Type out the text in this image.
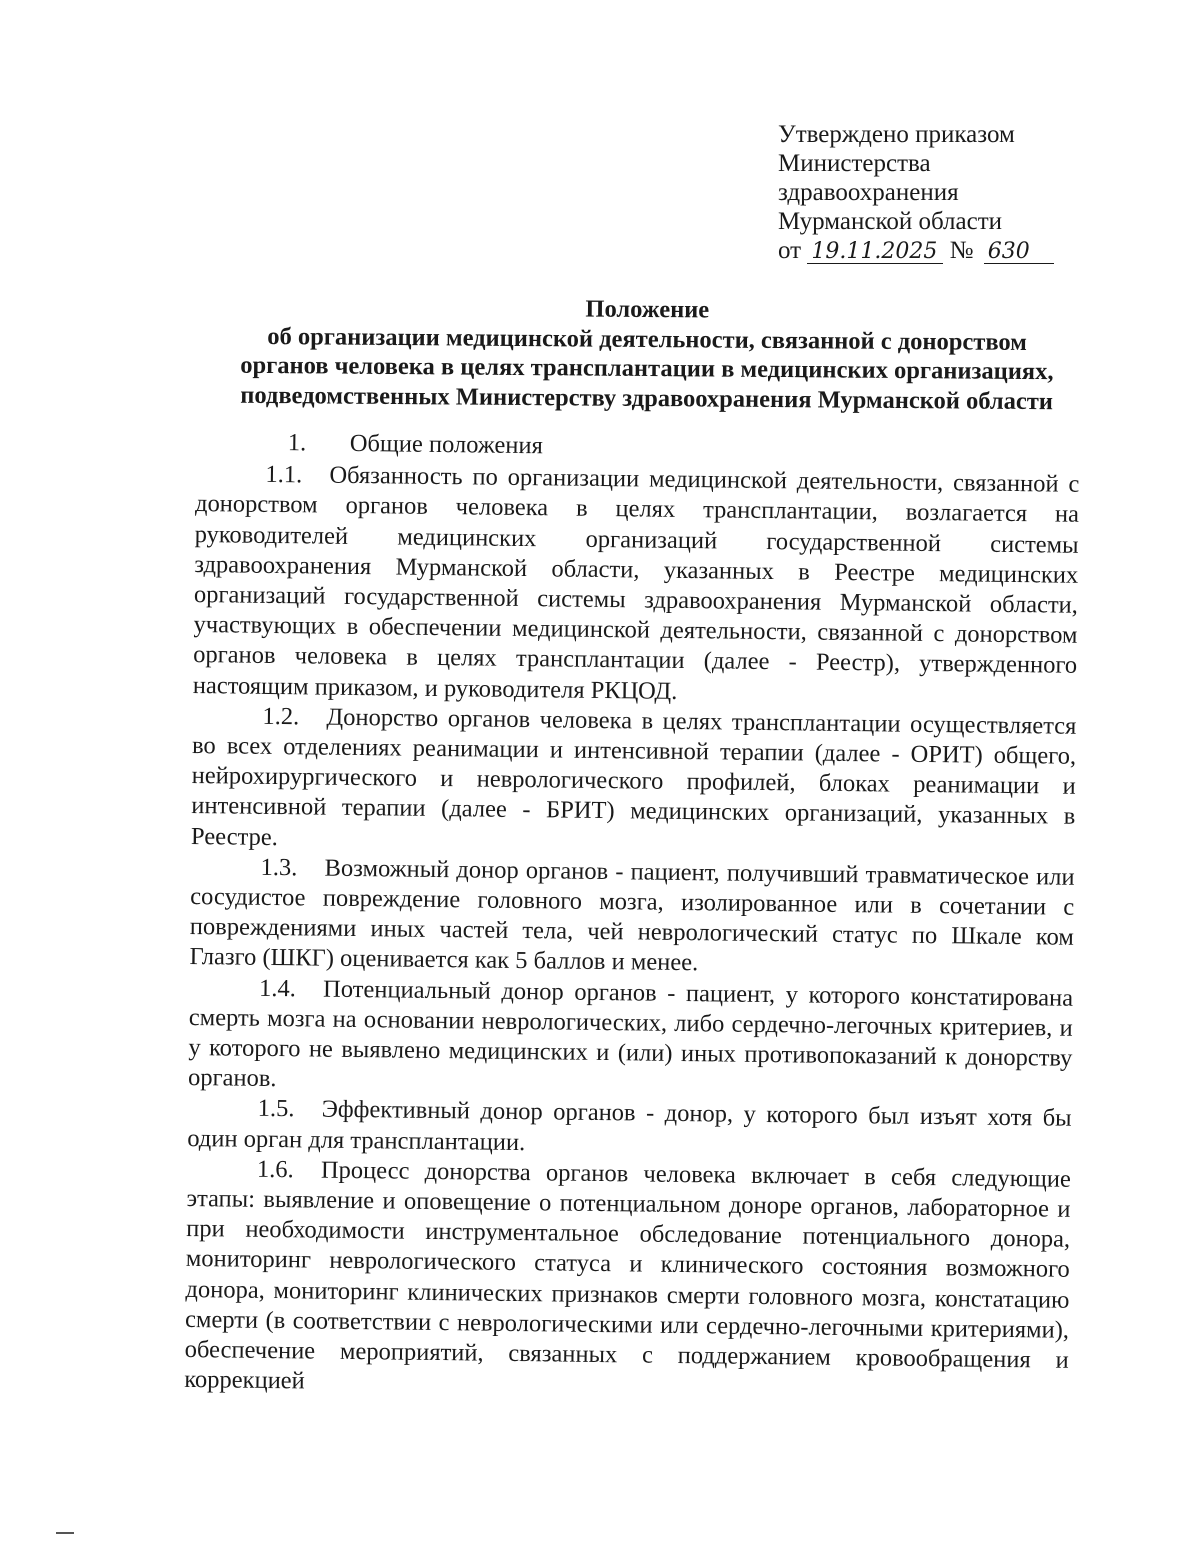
Утверждено приказом
Министерства
здравоохранения
Мурманской области
от 19.11.2025 № 630
Положение
об организации медицинской деятельности, связанной с донорством
органов человека в целях трансплантации в медицинских организациях,
подведомственных Министерству здравоохранения Мурманской области

1. Общие положения

1.1. Обязанность по организации медицинской деятельности, связанной с донорством органов человека в целях трансплантации, возлагается на руководителей медицинских организаций государственной системы здравоохранения Мурманской области, указанных в Реестре медицинских организаций государственной системы здравоохранения Мурманской области, участвующих в обеспечении медицинской деятельности, связанной с донорством органов человека в целях трансплантации (далее - Реестр), утвержденного настоящим приказом, и руководителя РКЦОД.

1.2. Донорство органов человека в целях трансплантации осуществляется во всех отделениях реанимации и интенсивной терапии (далее - ОРИТ) общего, нейрохирургического и неврологического профилей, блоках реанимации и интенсивной терапии (далее - БРИТ) медицинских организаций, указанных в Реестре.

1.3. Возможный донор органов - пациент, получивший травматическое или сосудистое повреждение головного мозга, изолированное или в сочетании с повреждениями иных частей тела, чей неврологический статус по Шкале ком Глазго (ШКГ) оценивается как 5 баллов и менее.

1.4. Потенциальный донор органов - пациент, у которого констатирована смерть мозга на основании неврологических, либо сердечно-легочных критериев, и у которого не выявлено медицинских и (или) иных противопоказаний к донорству органов.

1.5. Эффективный донор органов - донор, у которого был изъят хотя бы один орган для трансплантации.

1.6. Процесс донорства органов человека включает в себя следующие этапы: выявление и оповещение о потенциальном доноре органов, лабораторное и при необходимости инструментальное обследование потенциального донора, мониторинг неврологического статуса и клинического состояния возможного донора, мониторинг клинических признаков смерти головного мозга, констатацию смерти (в соответствии с неврологическими или сердечно-легочными критериями), обеспечение мероприятий, связанных с поддержанием кровообращения и коррекцией
